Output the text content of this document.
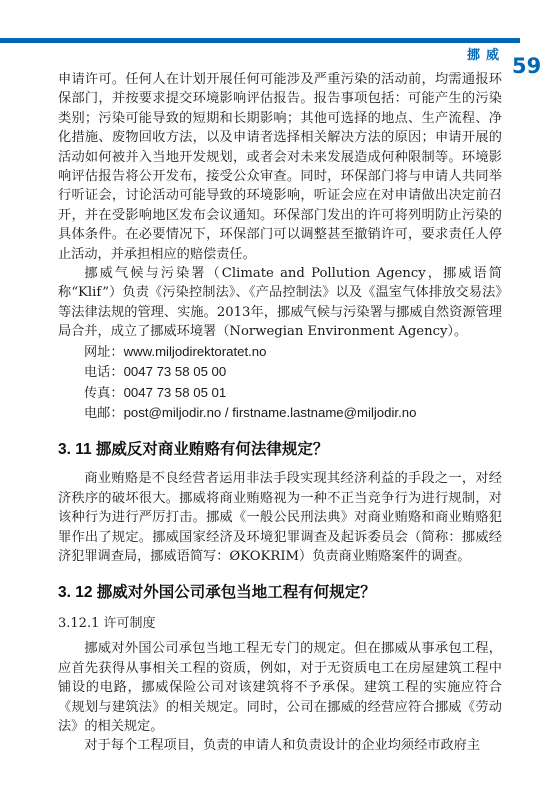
挪威 59

申请许可。任何人在计划开展任何可能涉及严重污染的活动前，均需通报环保部门，并按要求提交环境影响评估报告。报告事项包括：可能产生的污染类别；污染可能导致的短期和长期影响；其他可选择的地点、生产流程、净化措施、废物回收方法，以及申请者选择相关解决方法的原因；申请开展的活动如何被并入当地开发规划，或者会对未来发展造成何种限制等。环境影响评估报告将公开发布，接受公众审查。同时，环保部门将与申请人共同举行听证会，讨论活动可能导致的环境影响，听证会应在对申请做出决定前召开，并在受影响地区发布会议通知。环保部门发出的许可将列明防止污染的具体条件。在必要情况下，环保部门可以调整甚至撤销许可，要求责任人停止活动，并承担相应的赔偿责任。

挪威气候与污染署（Climate and Pollution Agency，挪威语简称“Klif”）负责《污染控制法》、《产品控制法》以及《温室气体排放交易法》等法律法规的管理、实施。2013年，挪威气候与污染署与挪威自然资源管理局合并，成立了挪威环境署（Norwegian Environment Agency）。

网址：www.miljodirektoratet.no

电话：0047 73 58 05 00

传真：0047 73 58 05 01

电邮：post@miljodir.no / firstname.lastname@miljodir.no

3. 11 挪威反对商业贿赂有何法律规定？

商业贿赂是不良经营者运用非法手段实现其经济利益的手段之一，对经济秩序的破坏很大。挪威将商业贿赂视为一种不正当竞争行为进行规制，对该种行为进行严厉打击。挪威《一般公民刑法典》对商业贿赂和商业贿赂犯罪作出了规定。挪威国家经济及环境犯罪调查及起诉委员会（简称：挪威经济犯罪调查局，挪威语简写：ØKOKRIM）负责商业贿赂案件的调查。

3. 12 挪威对外国公司承包当地工程有何规定？
3.12.1 许可制度

挪威对外国公司承包当地工程无专门的规定。但在挪威从事承包工程，应首先获得从事相关工程的资质，例如，对于无资质电工在房屋建筑工程中铺设的电路，挪威保险公司对该建筑将不予承保。建筑工程的实施应符合《规划与建筑法》的相关规定。同时，公司在挪威的经营应符合挪威《劳动法》的相关规定。

对于每个工程项目，负责的申请人和负责设计的企业均须经市政府主
